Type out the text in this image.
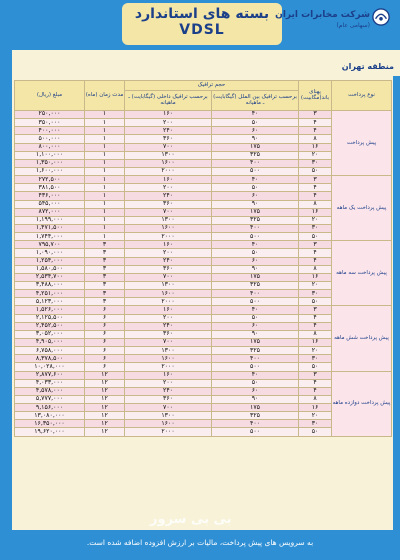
بسته های استاندارد
VDSL
شرکت مخابرات ایران
(سهامی عام)
منطقه تهران
نوع پرداخت	پهنای باند(مگابیت)	حجم ترافیک		مدت زمان (ماه)	مبلغ (ریال)
		برحسب ترافیک بین الملل (گیگابایت) ـ ماهیانه	برحسب ترافیک داخلی (گیگابایت) ـ ماهیانه		
پیش پرداخت	۳	۴۰	۱۶۰	۱	۲۵۰,۰۰۰
	۴	۵۰	۲۰۰	۱	۳۵۰,۰۰۰
	۴	۶۰	۲۴۰	۱	۴۰۰,۰۰۰
	۸	۹۰	۳۶۰	۱	۵۰۰,۰۰۰
	۱۶	۱۷۵	۷۰۰	۱	۸۰۰,۰۰۰
	۲۰	۳۲۵	۱۳۰۰	۱	۱,۱۰۰,۰۰۰
	۳۰	۴۰۰	۱۶۰۰	۱	۱,۳۵۰,۰۰۰
	۵۰	۵۰۰	۲۰۰۰	۱	۱,۶۰۰,۰۰۰
پیش پرداخت یک ماهه	۳	۴۰	۱۶۰	۱	۲۷۲,۵۰۰
	۴	۵۰	۲۰۰	۱	۳۸۱,۵۰۰
	۴	۶۰	۲۴۰	۱	۴۳۶,۰۰۰
	۸	۹۰	۳۶۰	۱	۵۴۵,۰۰۰
	۱۶	۱۷۵	۷۰۰	۱	۸۷۲,۰۰۰
	۲۰	۳۲۵	۱۳۰۰	۱	۱,۱۹۹,۰۰۰
	۳۰	۴۰۰	۱۶۰۰	۱	۱,۴۷۱,۵۰۰
	۵۰	۵۰۰	۲۰۰۰	۱	۱,۷۴۴,۰۰۰
پیش پرداخت سه ماهه	۳	۴۰	۱۶۰	۳	۷۹۵,۷۰۰
	۴	۵۰	۲۰۰	۳	۱,۰۹۰,۰۰۰
	۴	۶۰	۲۴۰	۳	۱,۲۵۴,۰۰۰
	۸	۹۰	۳۶۰	۳	۱,۵۸۰,۵۰۰
	۱۶	۱۷۵	۷۰۰	۳	۲,۵۳۴,۷۰۰
	۲۰	۳۲۵	۱۳۰۰	۳	۳,۴۸۸,۰۰۰
	۳۰	۴۰۰	۱۶۰۰	۳	۴,۲۵۱,۰۰۰
	۵۰	۵۰۰	۲۰۰۰	۳	۵,۱۲۳,۰۰۰
پیش پرداخت شش ماهه	۳	۴۰	۱۶۰	۶	۱,۵۲۶,۰۰۰
	۴	۵۰	۲۰۰	۶	۲,۱۲۵,۵۰۰
	۴	۶۰	۲۴۰	۶	۲,۴۵۲,۵۰۰
	۸	۹۰	۳۶۰	۶	۳,۰۵۲,۰۰۰
	۱۶	۱۷۵	۷۰۰	۶	۴,۹۰۵,۰۰۰
	۲۰	۳۲۵	۱۳۰۰	۶	۶,۷۵۸,۰۰۰
	۳۰	۴۰۰	۱۶۰۰	۶	۸,۳۷۸,۵۰۰
	۵۰	۵۰۰	۲۰۰۰	۶	۱۰,۰۲۸,۰۰۰
پیش پرداخت دوازده ماهه	۳	۴۰	۱۶۰	۱۲	۲,۸۷۷,۶۰۰
	۴	۵۰	۲۰۰	۱۲	۴,۰۳۳,۰۰۰
	۴	۶۰	۲۴۰	۱۲	۴,۵۷۸,۰۰۰
	۸	۹۰	۳۶۰	۱۲	۵,۷۷۷,۰۰۰
	۱۶	۱۷۵	۷۰۰	۱۲	۹,۱۵۶,۰۰۰
	۲۰	۳۲۵	۱۳۰۰	۱۲	۱۳,۰۸۰,۰۰۰
	۳۰	۴۰۰	۱۶۰۰	۱۲	۱۶,۳۵۰,۰۰۰
	۵۰	۵۰۰	۲۰۰۰	۱۲	۱۹,۶۲۰,۰۰۰
بی بی سرور
به سرویس های پیش پرداخت، مالیات بر ارزش افزوده اضافه شده است.
